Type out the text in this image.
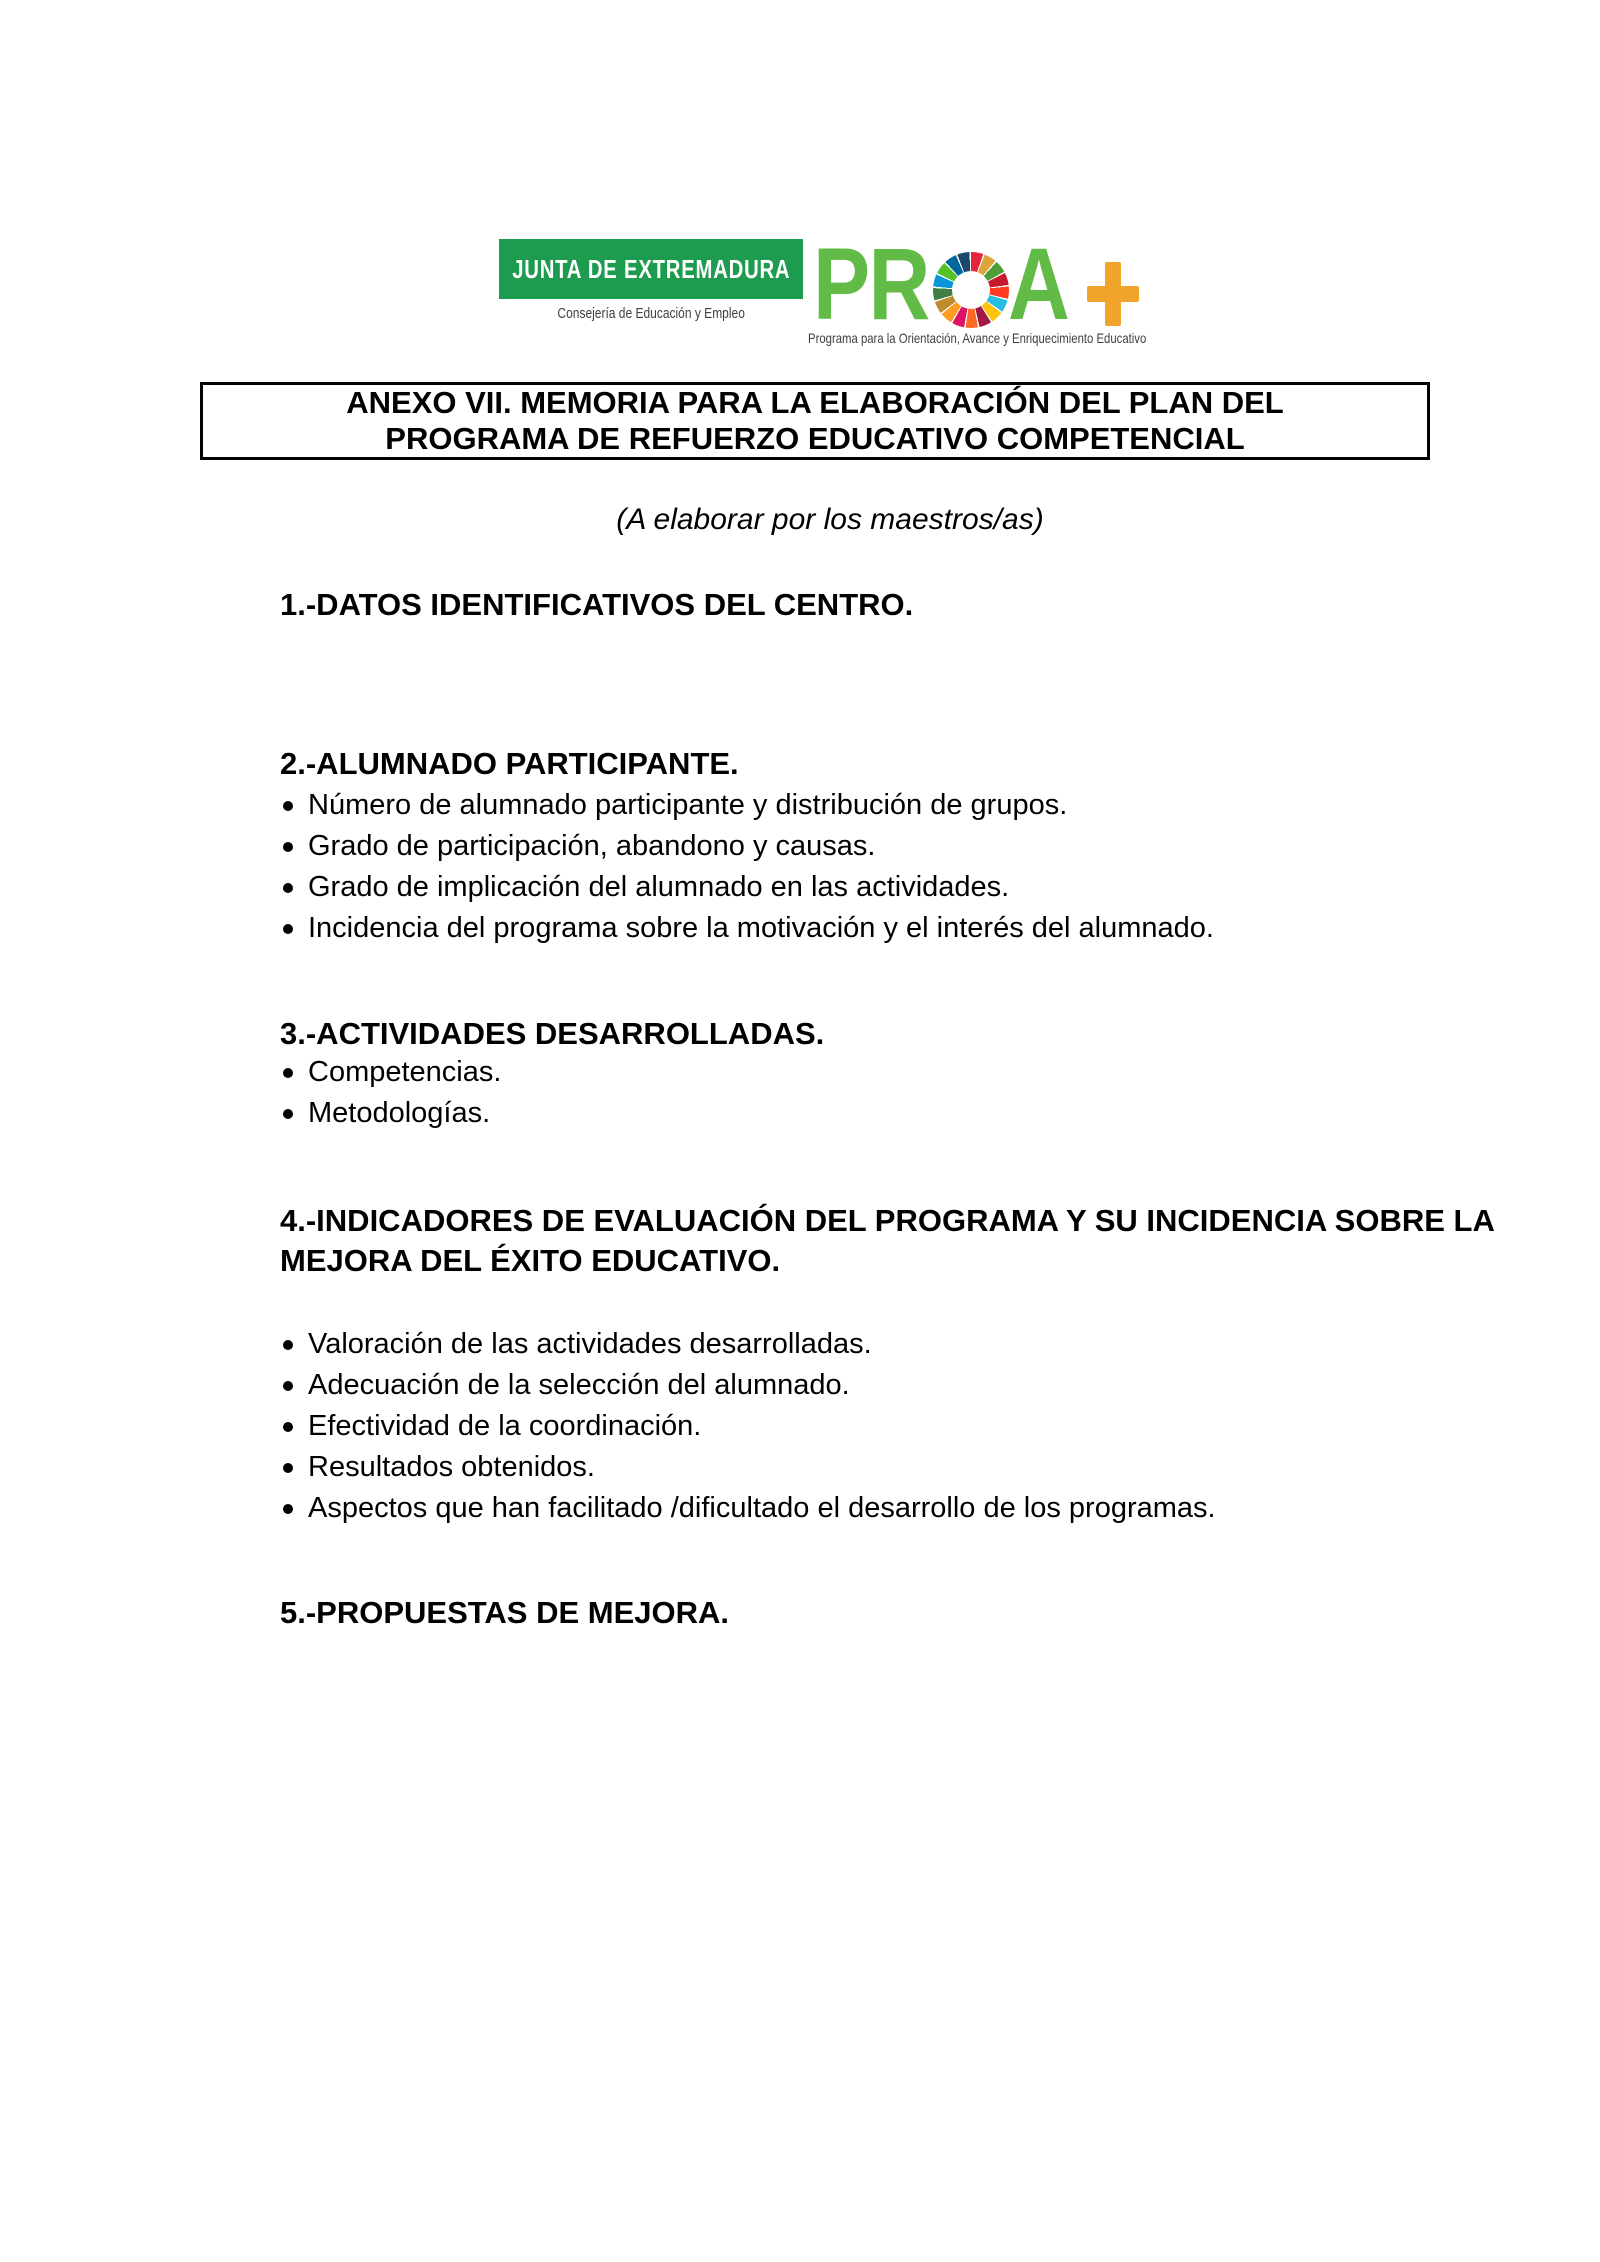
JUNTA DE EXTREMADURA
Consejería de Educación y Empleo PR A
Programa para la Orientación, Avance y Enriquecimiento Educativo
ANEXO VII. MEMORIA PARA LA ELABORACIÓN DEL PLAN DEL PROGRAMA DE REFUERZO EDUCATIVO COMPETENCIAL
(A elaborar por los maestros/as)
1.-DATOS IDENTIFICATIVOS DEL CENTRO.
2.-ALUMNADO PARTICIPANTE.
Número de alumnado participante y distribución de grupos.
Grado de participación, abandono y causas.
Grado de implicación del alumnado en las actividades.
Incidencia del programa sobre la motivación y el interés del alumnado.
3.-ACTIVIDADES DESARROLLADAS.
Competencias.
Metodologías.
4.-INDICADORES DE EVALUACIÓN DEL PROGRAMA Y SU INCIDENCIA SOBRE LA MEJORA DEL ÉXITO EDUCATIVO.
Valoración de las actividades desarrolladas.
Adecuación de la selección del alumnado.
Efectividad de la coordinación.
Resultados obtenidos.
Aspectos que han facilitado /dificultado el desarrollo de los programas.
5.-PROPUESTAS DE MEJORA.
